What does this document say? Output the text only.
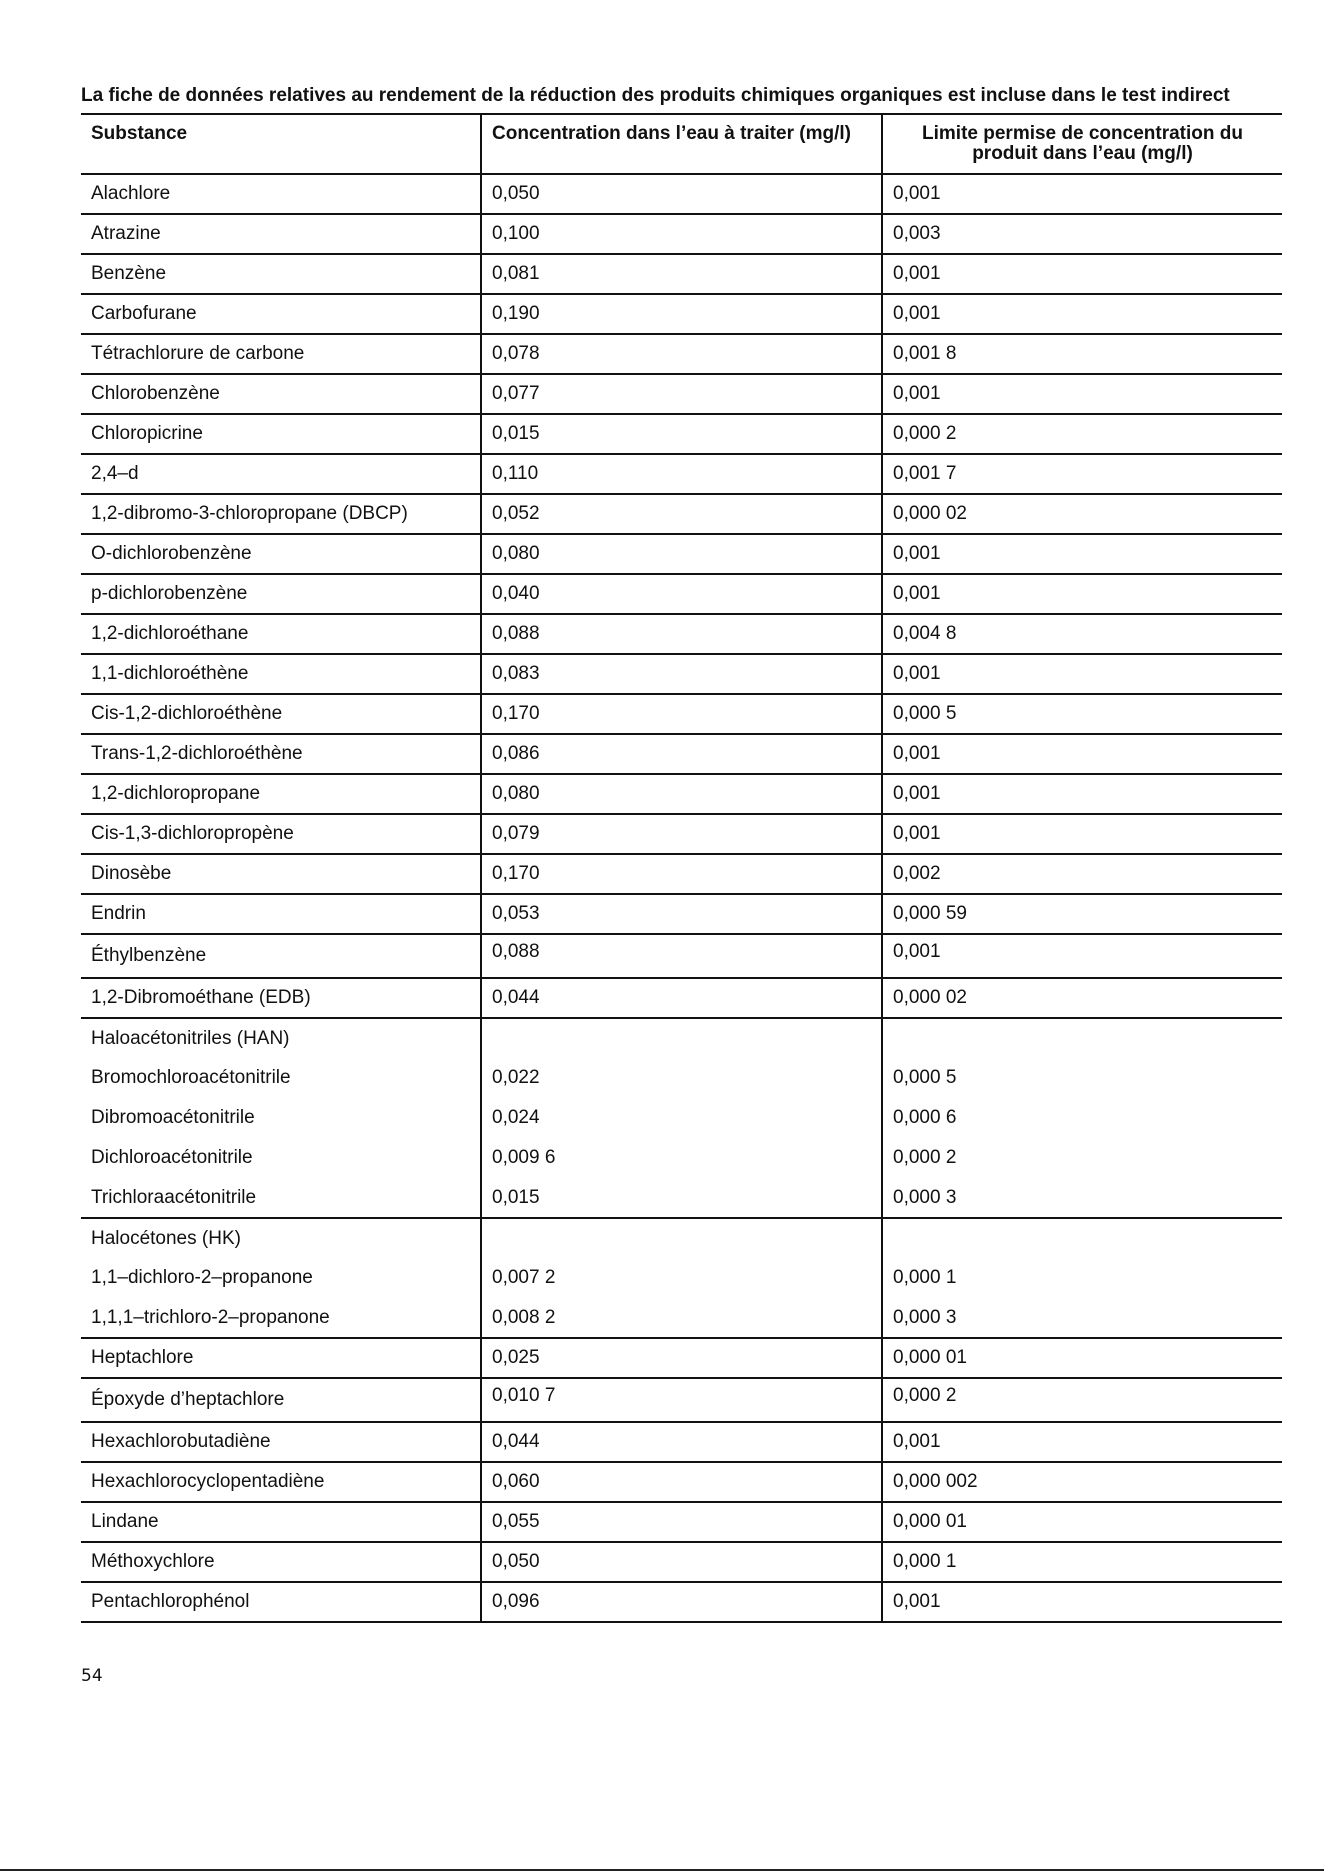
La fiche de données relatives au rendement de la réduction des produits chimiques organiques est incluse dans le test indirect
Substance	Concentration dans l’eau à traiter (mg/l)	Limite permise de concentration du produit dans l’eau (mg/l)
Alachlore	0,050	0,001
Atrazine	0,100	0,003
Benzène	0,081	0,001
Carbofurane	0,190	0,001
Tétrachlorure de carbone	0,078	0,001 8
Chlorobenzène	0,077	0,001
Chloropicrine	0,015	0,000 2
2,4–d	0,110	0,001 7
1,2-dibromo-3-chloropropane (DBCP)	0,052	0,000 02
O-dichlorobenzène	0,080	0,001
p-dichlorobenzène	0,040	0,001
1,2-dichloroéthane	0,088	0,004 8
1,1-dichloroéthène	0,083	0,001
Cis-1,2-dichloroéthène	0,170	0,000 5
Trans-1,2-dichloroéthène	0,086	0,001
1,2-dichloropropane	0,080	0,001
Cis-1,3-dichloropropène	0,079	0,001
Dinosèbe	0,170	0,002
Endrin	0,053	0,000 59
Éthylbenzène	0,088	0,001
1,2-Dibromoéthane (EDB)	0,044	0,000 02
Haloacétonitriles (HAN)		
Bromochloroacétonitrile	0,022	0,000 5
Dibromoacétonitrile	0,024	0,000 6
Dichloroacétonitrile	0,009 6	0,000 2
Trichloraacétonitrile	0,015	0,000 3
Halocétones (HK)		
1,1–dichloro-2–propanone	0,007 2	0,000 1
1,1,1–trichloro-2–propanone	0,008 2	0,000 3
Heptachlore	0,025	0,000 01
Époxyde d’heptachlore	0,010 7	0,000 2
Hexachlorobutadiène	0,044	0,001
Hexachlorocyclopentadiène	0,060	0,000 002
Lindane	0,055	0,000 01
Méthoxychlore	0,050	0,000 1
Pentachlorophénol	0,096	0,001
54
